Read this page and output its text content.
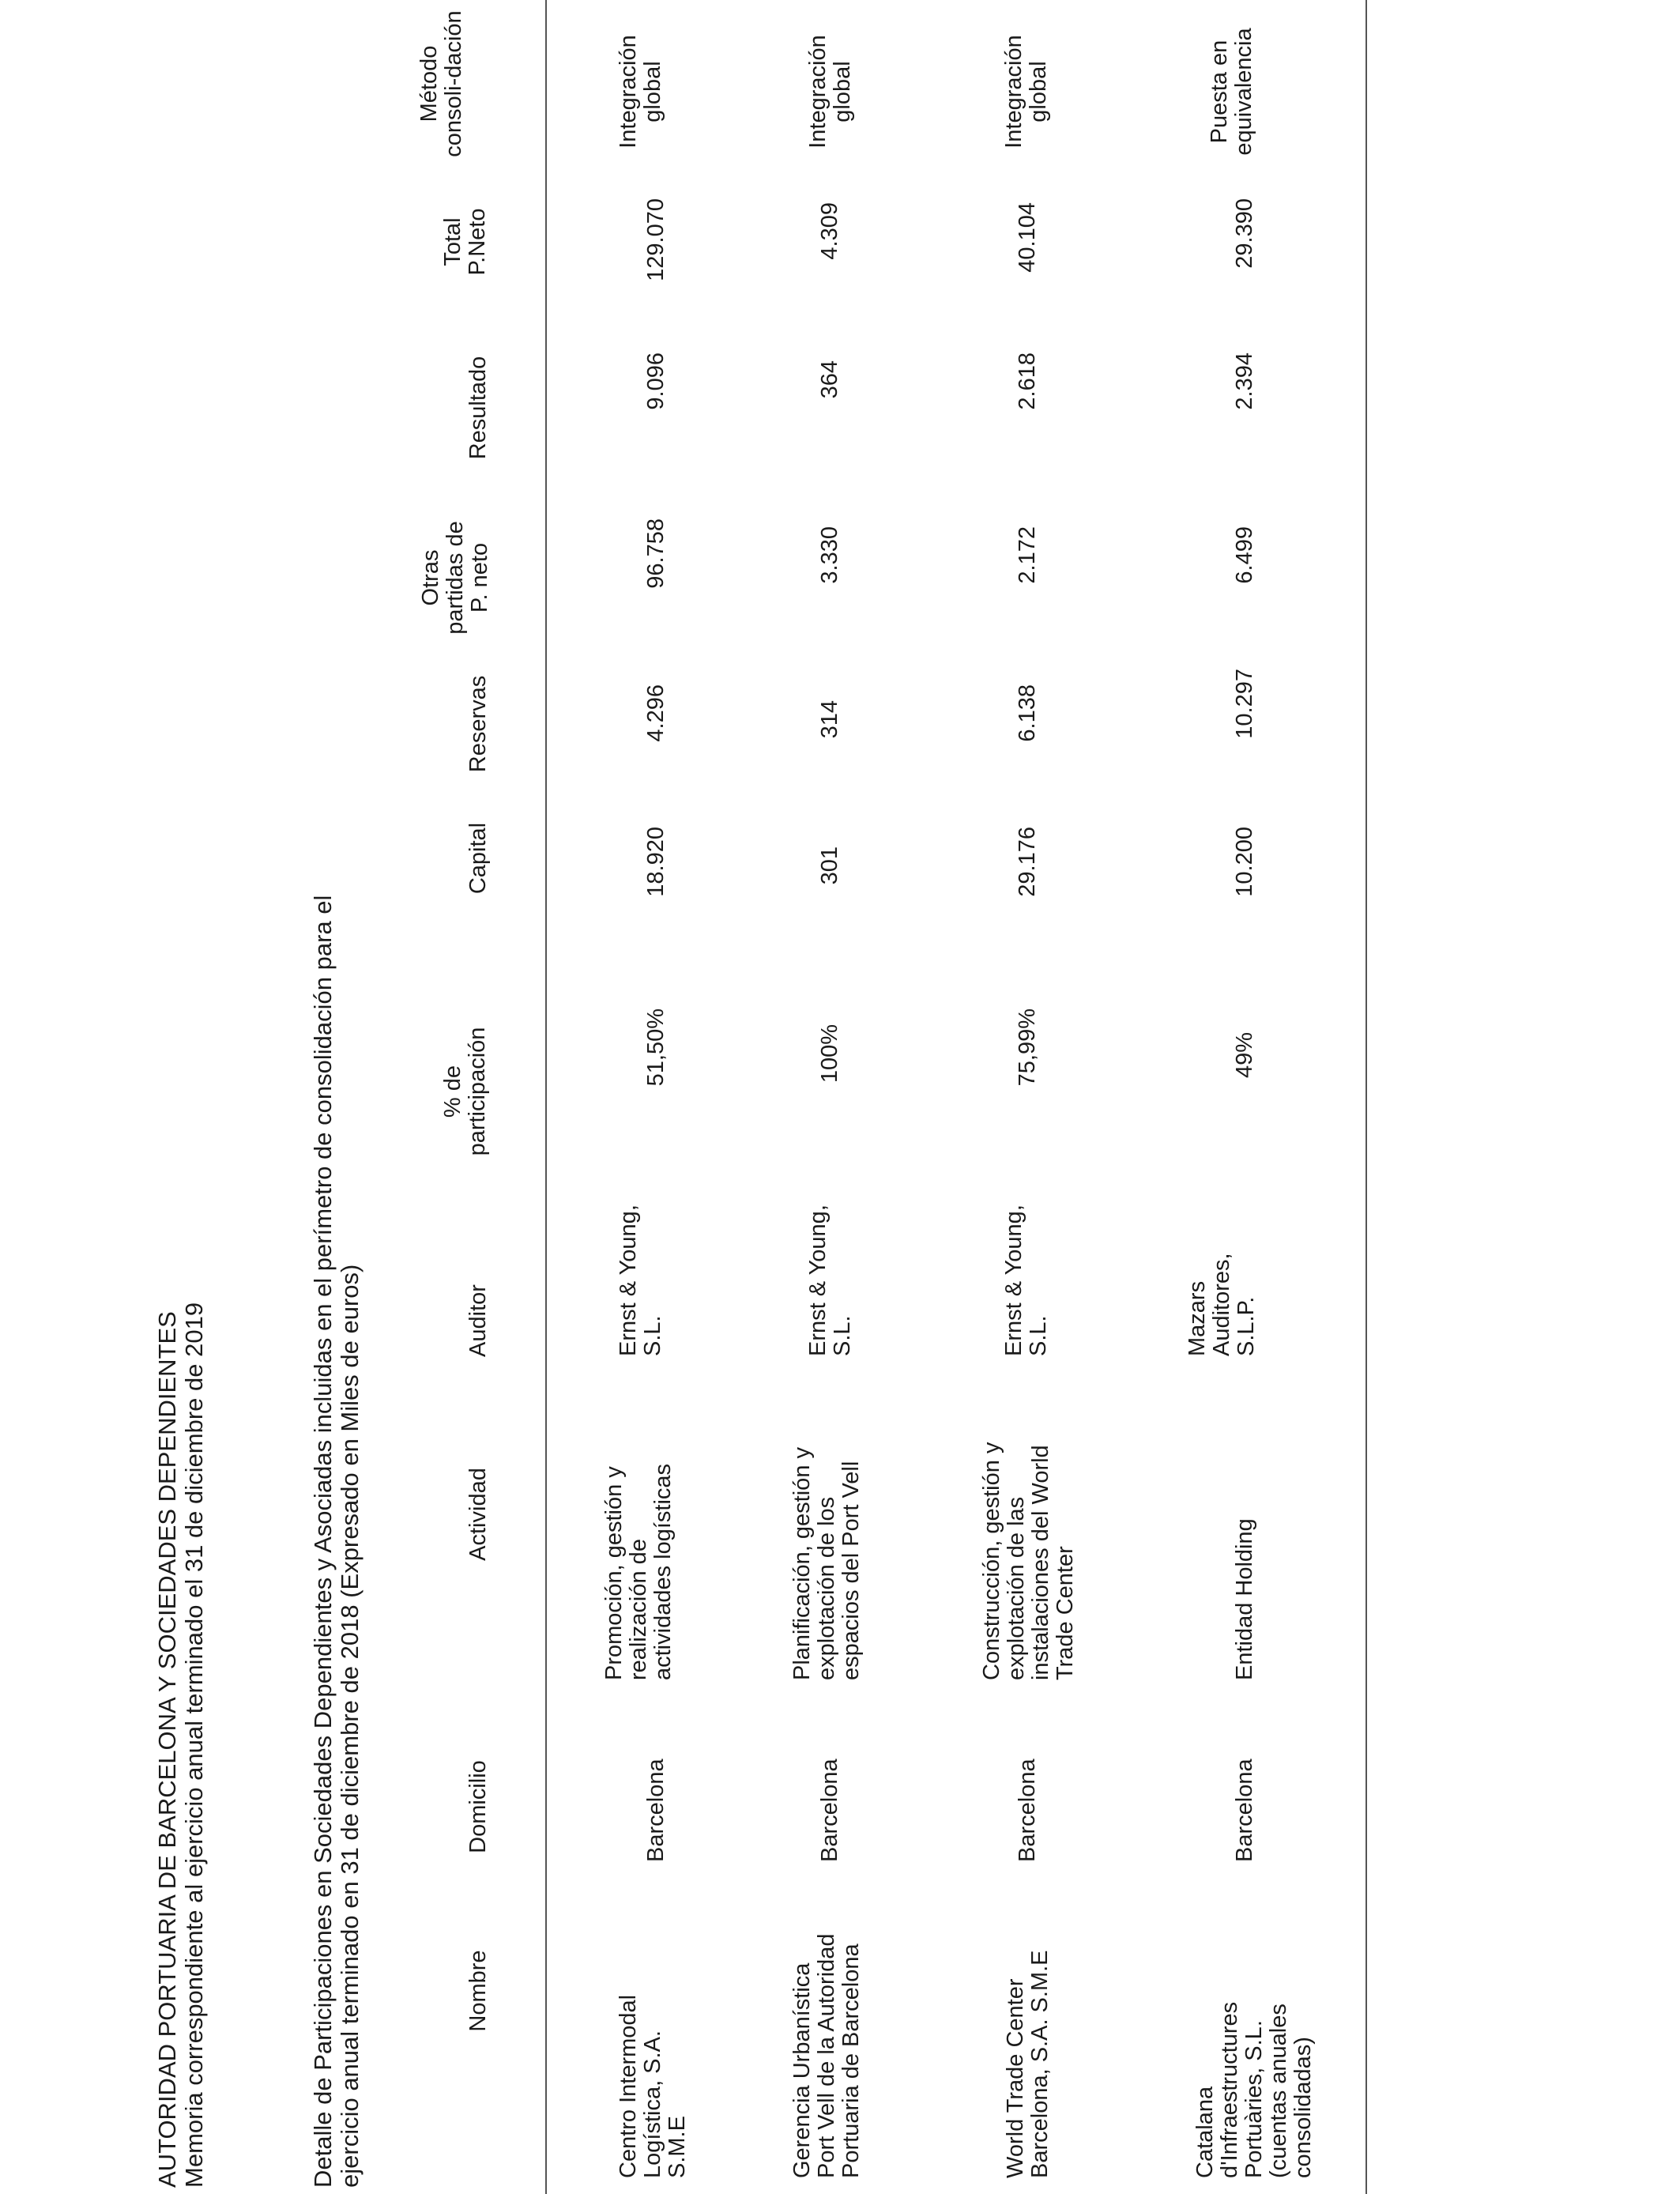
AUTORIDAD PORTUARIA DE BARCELONA Y SOCIEDADES DEPENDIENTES Memoria correspondiente al ejercicio anual terminado el 31 de diciembre de 2019	Detalle de Participaciones en Sociedades Dependientes y Asociadas incluidas en el perímetro de consolidación para el ejercicio anual terminado en 31 de diciembre de 2018 (Expresado en Miles de euros)	Nombre
Domicilio
Actividad
Auditor
% de participación
Capital
Reservas
Otras partidas de P. neto
Resultado
Total P.Neto
Método consoli-dación
Centro Intermodal Logística, S.A. S.M.E
Barcelona
Promoción, gestión y realización de actividades logísticas
Ernst & Young, S.L.
51,50%
18.920
4.296
96.758
9.096
129.070
Integración global
Gerencia Urbanística Port Vell de la Autoridad Portuaria de Barcelona
Barcelona
Planificación, gestión y explotación de los espacios del Port Vell
Ernst & Young, S.L.
100%
301
314
3.330
364
4.309
Integración global
World Trade Center Barcelona, S.A. S.M.E
Barcelona
Construcción, gestión y explotación de las instalaciones del World Trade Center
Ernst & Young, S.L.
75,99%
29.176
6.138
2.172
2.618
40.104
Integración global
Catalana d'Infraestructures Portuàries, S.L. (cuentas anuales consolidadas)
Barcelona
Entidad Holding
Mazars Auditores, S.L.P.
49%
10.200
10.297
6.499
2.394
29.390
Puesta en equivalencia
